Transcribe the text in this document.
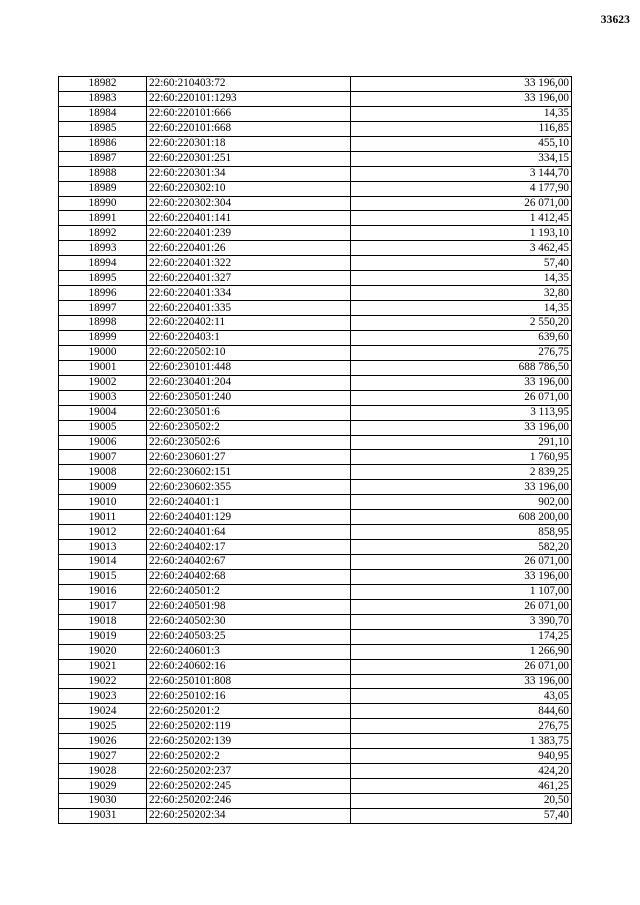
33623
18982	22:60:210403:72	33 196,00
18983	22:60:220101:1293	33 196,00
18984	22:60:220101:666	14,35
18985	22:60:220101:668	116,85
18986	22:60:220301:18	455,10
18987	22:60:220301:251	334,15
18988	22:60:220301:34	3 144,70
18989	22:60:220302:10	4 177,90
18990	22:60:220302:304	26 071,00
18991	22:60:220401:141	1 412,45
18992	22:60:220401:239	1 193,10
18993	22:60:220401:26	3 462,45
18994	22:60:220401:322	57,40
18995	22:60:220401:327	14,35
18996	22:60:220401:334	32,80
18997	22:60:220401:335	14,35
18998	22:60:220402:11	2 550,20
18999	22:60:220403:1	639,60
19000	22:60:220502:10	276,75
19001	22:60:230101:448	688 786,50
19002	22:60:230401:204	33 196,00
19003	22:60:230501:240	26 071,00
19004	22:60:230501:6	3 113,95
19005	22:60:230502:2	33 196,00
19006	22:60:230502:6	291,10
19007	22:60:230601:27	1 760,95
19008	22:60:230602:151	2 839,25
19009	22:60:230602:355	33 196,00
19010	22:60:240401:1	902,00
19011	22:60:240401:129	608 200,00
19012	22:60:240401:64	858,95
19013	22:60:240402:17	582,20
19014	22:60:240402:67	26 071,00
19015	22:60:240402:68	33 196,00
19016	22:60:240501:2	1 107,00
19017	22:60:240501:98	26 071,00
19018	22:60:240502:30	3 390,70
19019	22:60:240503:25	174,25
19020	22:60:240601:3	1 266,90
19021	22:60:240602:16	26 071,00
19022	22:60:250101:808	33 196,00
19023	22:60:250102:16	43,05
19024	22:60:250201:2	844,60
19025	22:60:250202:119	276,75
19026	22:60:250202:139	1 383,75
19027	22:60:250202:2	940,95
19028	22:60:250202:237	424,20
19029	22:60:250202:245	461,25
19030	22:60:250202:246	20,50
19031	22:60:250202:34	57,40
